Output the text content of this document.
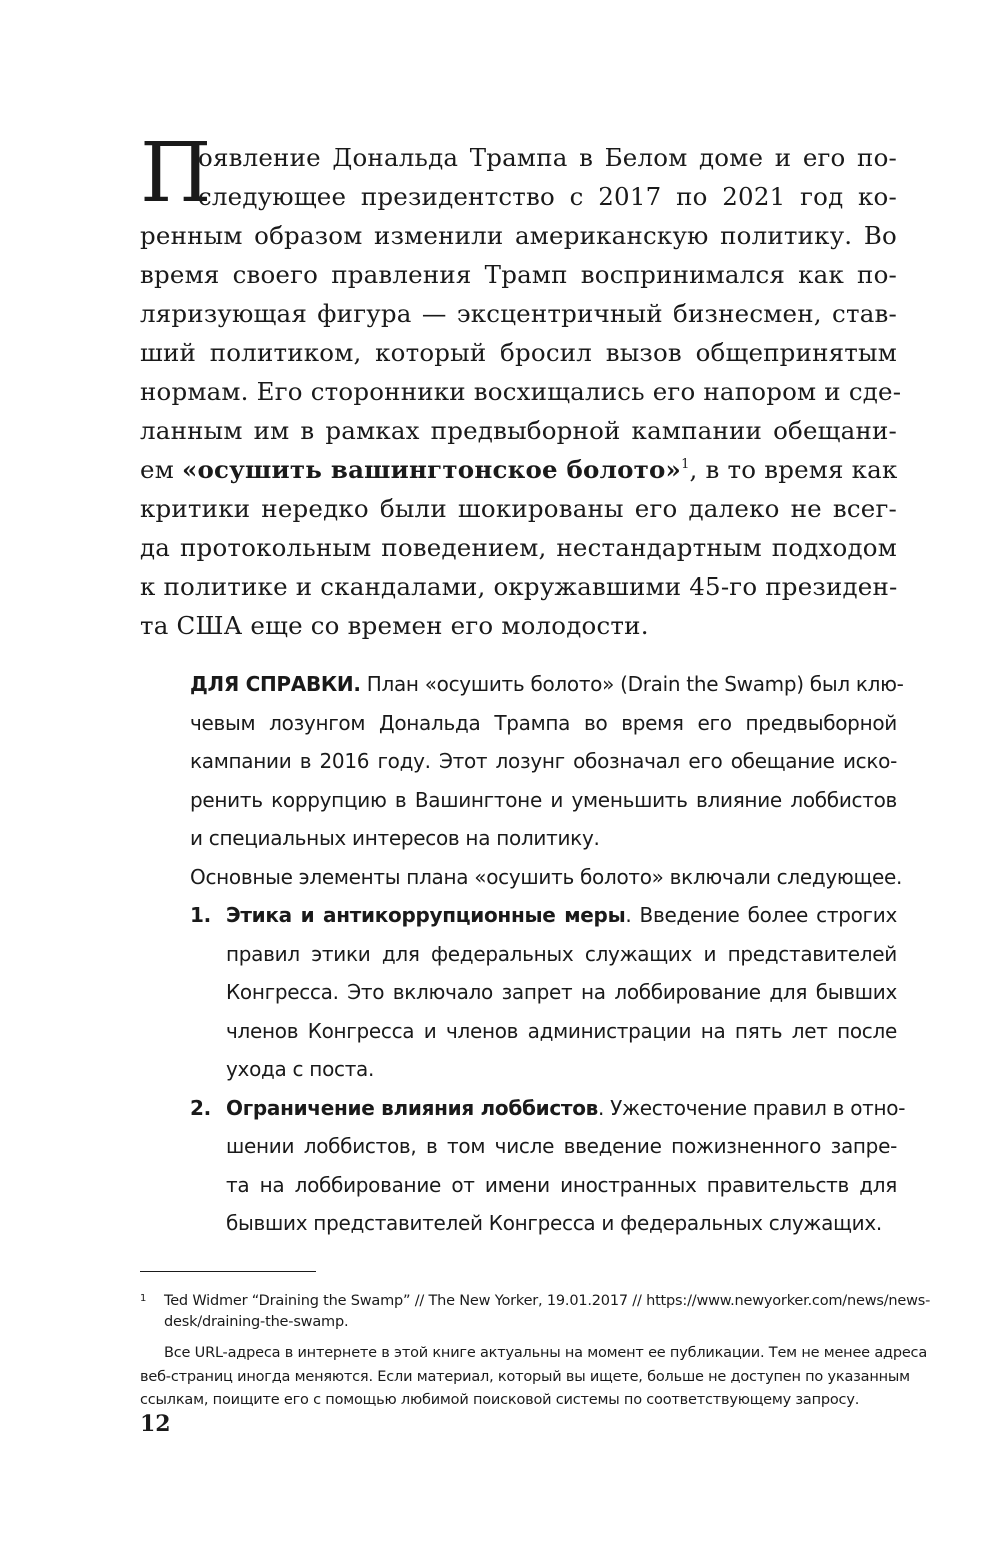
П
оявление Дональда Трампа в Белом доме и его по-
следующее президентство с 2017 по 2021 год ко-
ренным образом изменили американскую политику. Во
время своего правления Трамп воспринимался как по-
ляризующая фигура — эксцентричный бизнесмен, став-
ший политиком, который бросил вызов общепринятым
нормам. Его сторонники восхищались его напором и сде-
ланным им в рамках предвыборной кампании обещани-
ем «осушить вашингтонское болото»$^1$, в то время как
критики нередко были шокированы его далеко не всег-
да протокольным поведением, нестандартным подходом
к политике и скандалами, окружавшими 45-го президен-
та США еще со времен его молодости.
ДЛЯ СПРАВКИ. План «осушить болото» (Drain the Swamp) был клю-
чевым лозунгом Дональда Трампа во время его предвыборной
кампании в 2016 году. Этот лозунг обозначал его обещание иско-
ренить коррупцию в Вашингтоне и уменьшить влияние лоббистов
и специальных интересов на политику.
Основные элементы плана «осушить болото» включали следующее.
1. Этика и антикоррупционные меры. Введение более строгих
правил этики для федеральных служащих и представителей
Конгресса. Это включало запрет на лоббирование для бывших
членов Конгресса и членов администрации на пять лет после
ухода с поста.
2. Ограничение влияния лоббистов. Ужесточение правил в отно-
шении лоббистов, в том числе введение пожизненного запре-
та на лоббирование от имени иностранных правительств для
бывших представителей Конгресса и федеральных служащих.
1 Ted Widmer “Draining the Swamp” // The New Yorker, 19.01.2017 // https://www.newyorker.com/news/news-
desk/draining-the-swamp.
Все URL-адреса в интернете в этой книге актуальны на момент ее публикации. Тем не менее адреса
веб-страниц иногда меняются. Если материал, который вы ищете, больше не доступен по указанным
ссылкам, поищите его с помощью любимой поисковой системы по соответствующему запросу.
12
